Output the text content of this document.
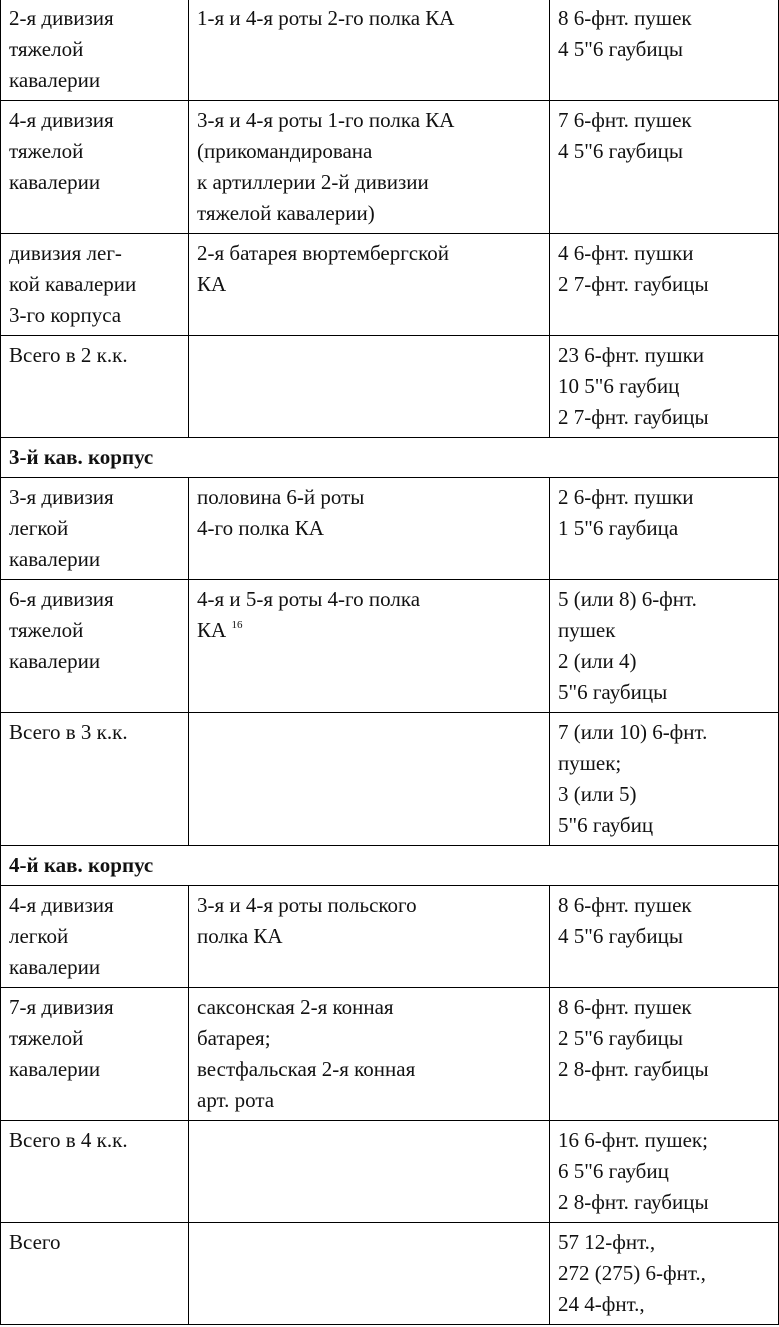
2-я дивизия
тяжелой
кавалерии	1-я и 4-я роты 2-го полка КА	8 6-фнт. пушек
4 5"6 гаубицы

4-я дивизия
тяжелой
кавалерии	3-я и 4-я роты 1-го полка КА
(прикомандирована
к артиллерии 2-й дивизии
тяжелой кавалерии)	7 6-фнт. пушек
4 5"6 гаубицы

дивизия лег-
кой кавалерии
3-го корпуса	2-я батарея вюртембергской
КА	4 6-фнт. пушки
2 7-фнт. гаубицы

Всего в 2 к.к.		23 6-фнт. пушки
10 5"6 гаубиц
2 7-фнт. гаубицы

3-й кав. корпус		

3-я дивизия
легкой
кавалерии	половина 6-й роты
4-го полка КА	2 6-фнт. пушки
1 5"6 гаубица

6-я дивизия
тяжелой
кавалерии	4-я и 5-я роты 4-го полка
КА $^{16}$	5 (или 8) 6-фнт.
пушек
2 (или 4)
5"6 гаубицы

Всего в 3 к.к.		7 (или 10) 6-фнт.
пушек;
3 (или 5)
5"6 гаубиц

4-й кав. корпус		

4-я дивизия
легкой
кавалерии	3-я и 4-я роты польского
полка КА	8 6-фнт. пушек
4 5"6 гаубицы

7-я дивизия
тяжелой
кавалерии	саксонская 2-я конная
батарея;
вестфальская 2-я конная
арт. рота	8 6-фнт. пушек
2 5"6 гаубицы
2 8-фнт. гаубицы

Всего в 4 к.к.		16 6-фнт. пушек;
6 5"6 гаубиц
2 8-фнт. гаубицы

Всего		57 12-фнт.,
272 (275) 6-фнт.,
24 4-фнт.,
